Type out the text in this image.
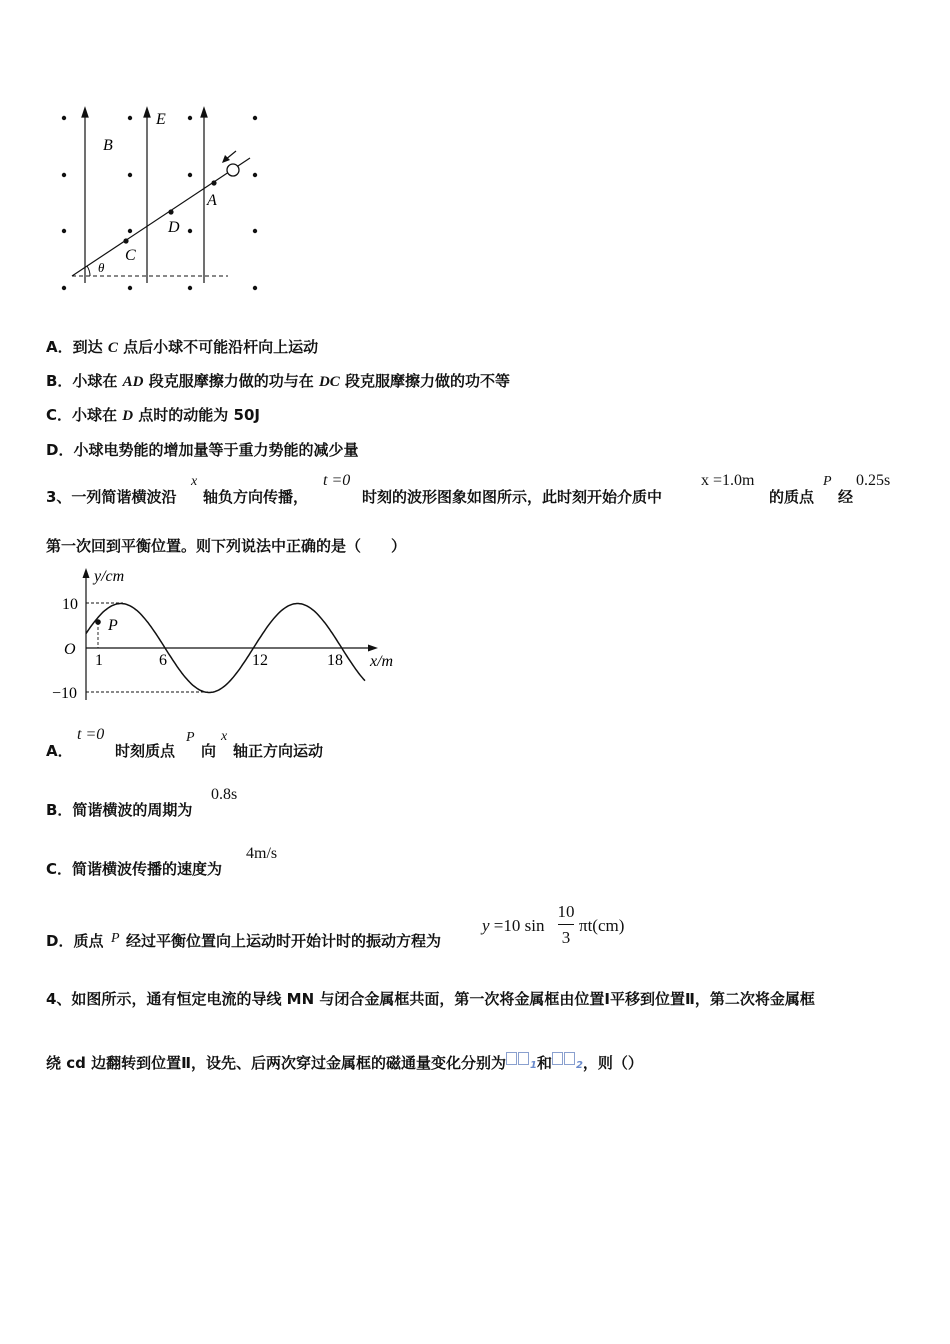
B
E
A
D
C
θ
A．到达 C 点后小球不可能沿杆向上运动
B．小球在 AD 段克服摩擦力做的功与在 DC 段克服摩擦力做的功不等
C．小球在 D 点时的动能为 50J
D．小球电势能的增加量等于重力势能的减少量
3、一列简谐横波沿
x
轴负方向传播，
t =0
时刻的波形图象如图所示，此时刻开始介质中
x =1.0m
的质点
P
经
0.25s
第一次回到平衡位置。则下列说法中正确的是（　　）
y/cm
x/m
O
10
−10
1	6	12	18
P
A．
t =0
时刻质点
P
向
x
轴正方向运动
B．简谐横波的周期为
0.8s
C．简谐横波传播的速度为
4m/s
D．质点 P 经过平衡位置向上运动时开始计时的振动方程为
y =10 sin
10
3
πt(cm)
4、如图所示，通有恒定电流的导线 MN 与闭合金属框共面，第一次将金属框由位置Ⅰ平移到位置Ⅱ，第二次将金属框
绕 cd 边翻转到位置Ⅱ，设先、后两次穿过金属框的磁通量变化分别为 1和 2，则（）
